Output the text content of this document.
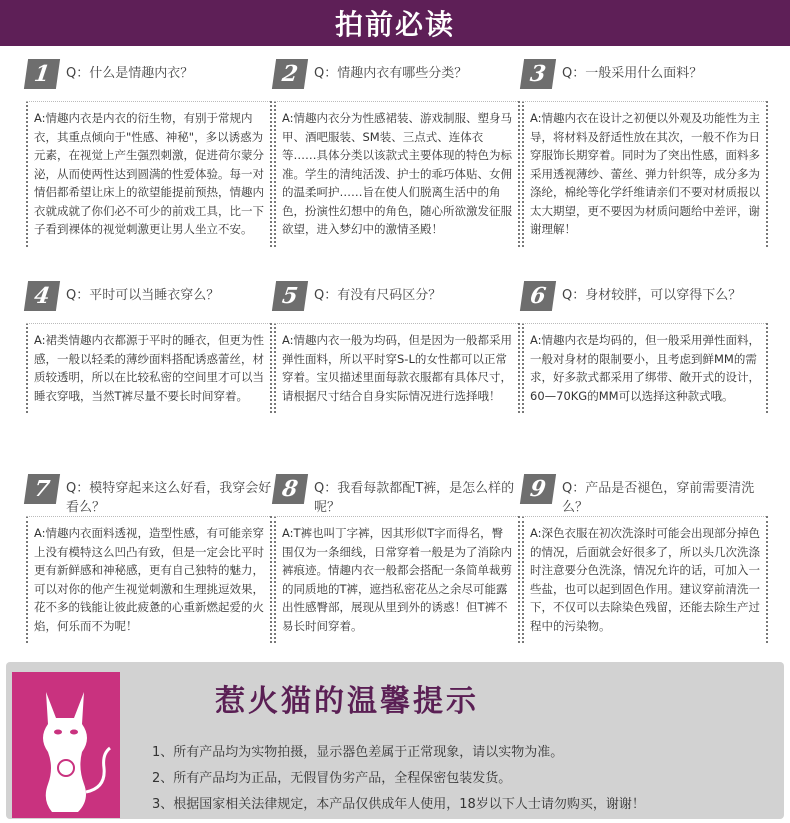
拍前必读
1	Q：什么是情趣内衣？
A:情趣内衣是内衣的衍生物，有别于常规内衣，其重点倾向于"性感、神秘"，多以诱惑为元素，在视觉上产生强烈刺激，促进荷尔蒙分泌，从而使两性达到圆满的性爱体验。每一对情侣都希望让床上的欲望能提前预热，情趣内衣就成就了你们必不可少的前戏工具，比一下子看到裸体的视觉刺激更让男人坐立不安。
2	Q：情趣内衣有哪些分类？
A:情趣内衣分为性感裙装、游戏制服、塑身马甲、酒吧服装、SM装、三点式、连体衣等……具体分类以该款式主要体现的特色为标准。学生的清纯活泼、护士的乖巧体贴、女佣的温柔呵护……旨在使人们脱离生活中的角色，扮演性幻想中的角色，随心所欲激发征服欲望，进入梦幻中的激情圣殿！
3	Q：一般采用什么面料？
A:情趣内衣在设计之初便以外观及功能性为主导，将材料及舒适性放在其次，一般不作为日穿服饰长期穿着。同时为了突出性感，面料多采用透视薄纱、蕾丝、弹力针织等，成分多为涤纶，棉纶等化学纤维请亲们不要对材质报以太大期望，更不要因为材质问题给中差评，谢谢理解！
4	Q：平时可以当睡衣穿么？
A:裙类情趣内衣都源于平时的睡衣，但更为性感，一般以轻柔的薄纱面料搭配诱惑蕾丝，材质较透明，所以在比较私密的空间里才可以当睡衣穿哦，当然T裤尽量不要长时间穿着。
5	Q：有没有尺码区分？
A:情趣内衣一般为均码，但是因为一般都采用弹性面料，所以平时穿S-L的女性都可以正常穿着。宝贝描述里面每款衣服都有具体尺寸，请根据尺寸结合自身实际情况进行选择哦！
6	Q：身材较胖，可以穿得下么？
A:情趣内衣是均码的，但一般采用弹性面料，一般对身材的限制要小，且考虑到鲜MM的需求，好多款式都采用了绑带、敞开式的设计，60—70KG的MM可以选择这种款式哦。
7	Q：模特穿起来这么好看，我穿会好看么？
A:情趣内衣面料透视，造型性感，有可能亲穿上没有模特这么凹凸有致，但是一定会比平时更有新鲜感和神秘感，更有自己独特的魅力，可以对你的他产生视觉刺激和生理挑逗效果，花不多的钱能让彼此疲惫的心重新燃起爱的火焰，何乐而不为呢！
8	Q：我看每款都配T裤，是怎么样的呢？
A:T裤也叫丁字裤，因其形似T字而得名，臀围仅为一条细线，日常穿着一般是为了消除内裤痕迹。情趣内衣一般都会搭配一条简单裁剪的同质地的T裤，遮挡私密花丛之余尽可能露出性感臀部，展现从里到外的诱惑！但T裤不易长时间穿着。
9	Q：产品是否褪色，穿前需要清洗么？
A:深色衣服在初次洗涤时可能会出现部分掉色的情况，后面就会好很多了，所以头几次洗涤时注意要分色洗涤，情况允许的话，可加入一些盐，也可以起到固色作用。建议穿前清洗一下，不仅可以去除染色残留，还能去除生产过程中的污染物。
惹火猫的温馨提示
1、所有产品均为实物拍摄，显示器色差属于正常现象，请以实物为准。
2、所有产品均为正品，无假冒伪劣产品，全程保密包装发货。
3、根据国家相关法律规定，本产品仅供成年人使用，18岁以下人士请勿购买，谢谢！
